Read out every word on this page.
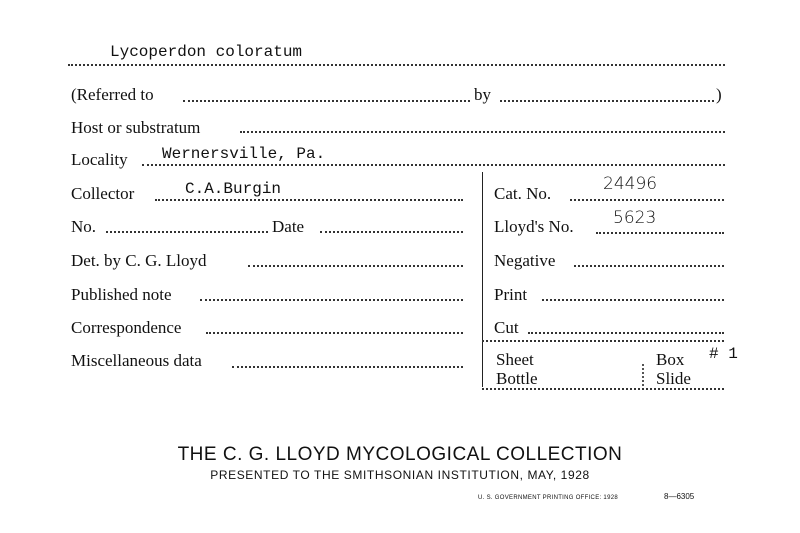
Lycoperdon coloratum
(Referred to	by	)
Host or substratum
Locality Wernersville, Pa.
Collector	C.A.Burgin	Cat. No.	24496
No.	Date	Lloyd's No. 5623
Det. by C. G. Lloyd	Negative
Published note	Print
Correspondence	Cut
Miscellaneous data	Sheet	Box # 1
Bottle	Slide
THE C. G. LLOYD MYCOLOGICAL COLLECTION
PRESENTED TO THE SMITHSONIAN INSTITUTION, MAY, 1928
U. S. GOVERNMENT PRINTING OFFICE: 1928	8—6305
